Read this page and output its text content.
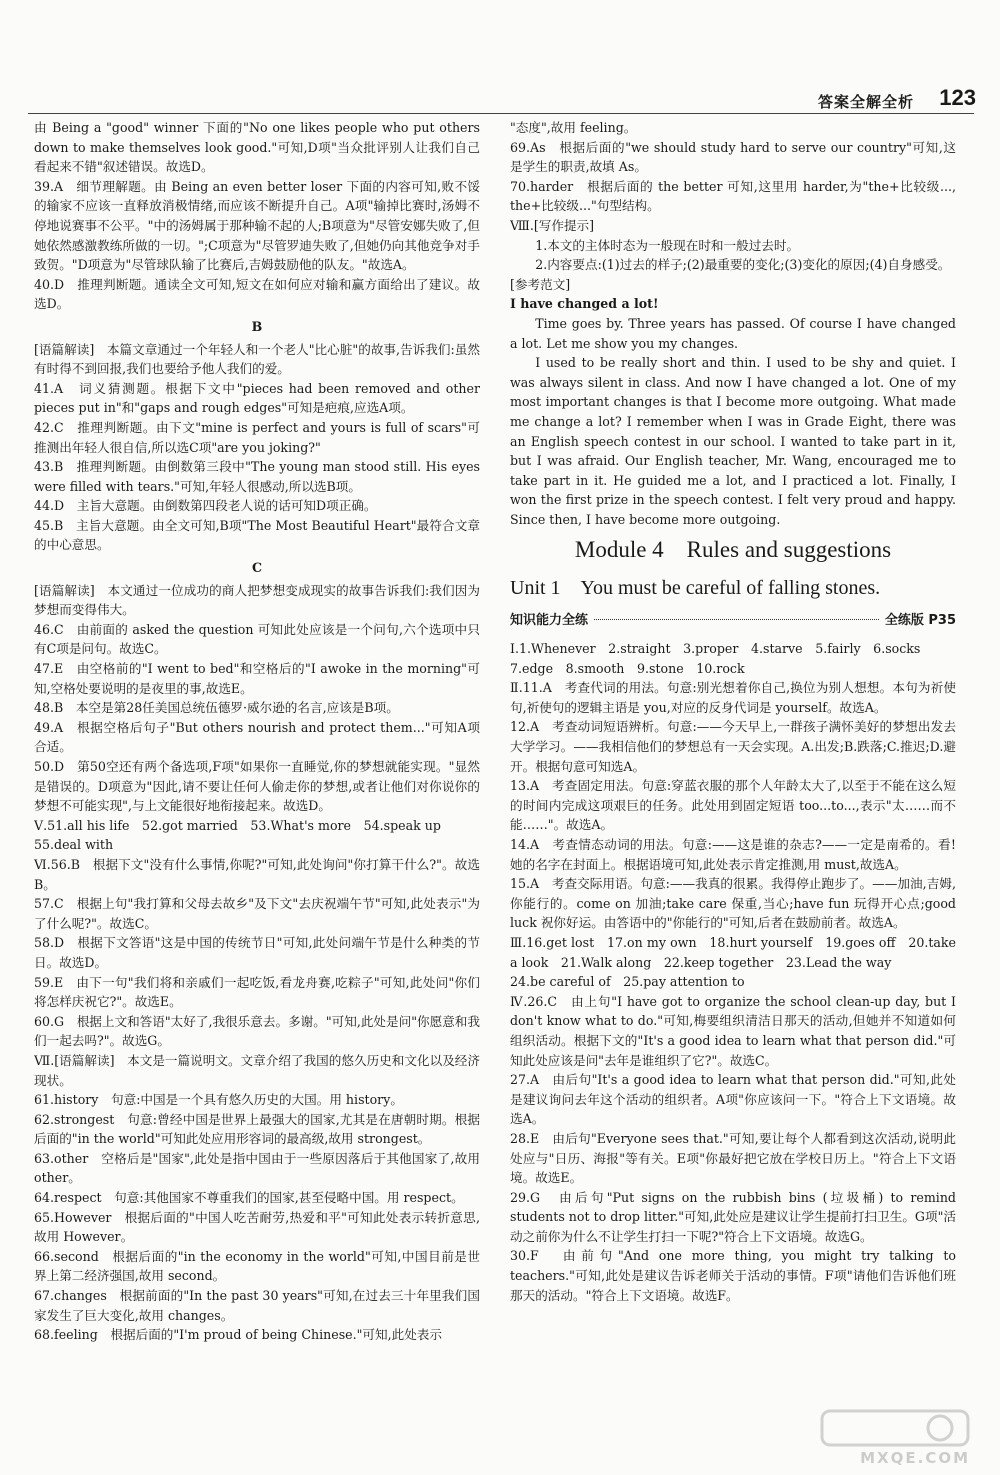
答案全解全析 123

由 Being a "good" winner 下面的"No one likes people who put others down to make themselves look good."可知,D项"当众批评别人让我们自己看起来不错"叙述错误。故选D。

39.A　细节理解题。由 Being an even better loser 下面的内容可知,败不馁的输家不应该一直释放消极情绪,而应该不断提升自己。A项"输掉比赛时,汤姆不停地说赛事不公平。"中的汤姆属于那种输不起的人;B项意为"尽管安娜失败了,但她依然感激教练所做的一切。";C项意为"尽管罗迪失败了,但她仍向其他竞争对手致贺。"D项意为"尽管球队输了比赛后,吉姆鼓励他的队友。"故选A。

40.D　推理判断题。通读全文可知,短文在如何应对输和赢方面给出了建议。故选D。

B

[语篇解读]　本篇文章通过一个年轻人和一个老人"比心脏"的故事,告诉我们:虽然有时得不到回报,我们也要给予他人我们的爱。

41.A　词义猜测题。根据下文中"pieces had been removed and other pieces put in"和"gaps and rough edges"可知是疤痕,应选A项。

42.C　推理判断题。由下文"mine is perfect and yours is full of scars"可推测出年轻人很自信,所以选C项"are you joking?"

43.B　推理判断题。由倒数第三段中"The young man stood still. His eyes were filled with tears."可知,年轻人很感动,所以选B项。

44.D　主旨大意题。由倒数第四段老人说的话可知D项正确。

45.B　主旨大意题。由全文可知,B项"The Most Beautiful Heart"最符合文章的中心意思。

C

[语篇解读]　本文通过一位成功的商人把梦想变成现实的故事告诉我们:我们因为梦想而变得伟大。

46.C　由前面的 asked the question 可知此处应该是一个问句,六个选项中只有C项是问句。故选C。

47.E　由空格前的"I went to bed"和空格后的"I awoke in the morning"可知,空格处要说明的是夜里的事,故选E。

48.B　本空是第28任美国总统伍德罗·威尔逊的名言,应该是B项。

49.A　根据空格后句子"But others nourish and protect them..."可知A项合适。

50.D　第50空还有两个备选项,F项"如果你一直睡觉,你的梦想就能实现。"显然是错误的。D项意为"因此,请不要让任何人偷走你的梦想,或者让他们对你说你的梦想不可能实现",与上文能很好地衔接起来。故选D。

Ⅴ.51.all his life　52.got married　53.What's more　54.speak up

55.deal with

Ⅵ.56.B　根据下文"没有什么事情,你呢?"可知,此处询问"你打算干什么?"。故选B。

57.C　根据上句"我打算和父母去故乡"及下文"去庆祝端午节"可知,此处表示"为了什么呢?"。故选C。

58.D　根据下文答语"这是中国的传统节日"可知,此处问端午节是什么种类的节日。故选D。

59.E　由下一句"我们将和亲戚们一起吃饭,看龙舟赛,吃粽子"可知,此处问"你们将怎样庆祝它?"。故选E。

60.G　根据上文和答语"太好了,我很乐意去。多谢。"可知,此处是问"你愿意和我们一起去吗?"。故选G。

Ⅶ.[语篇解读]　本文是一篇说明文。文章介绍了我国的悠久历史和文化以及经济现状。

61.history　句意:中国是一个具有悠久历史的大国。用 history。

62.strongest　句意:曾经中国是世界上最强大的国家,尤其是在唐朝时期。根据后面的"in the world"可知此处应用形容词的最高级,故用 strongest。

63.other　空格后是"国家",此处是指中国由于一些原因落后于其他国家了,故用 other。

64.respect　句意:其他国家不尊重我们的国家,甚至侵略中国。用 respect。

65.However　根据后面的"中国人吃苦耐劳,热爱和平"可知此处表示转折意思,故用 However。

66.second　根据后面的"in the economy in the world"可知,中国目前是世界上第二经济强国,故用 second。

67.changes　根据前面的"In the past 30 years"可知,在过去三十年里我们国家发生了巨大变化,故用 changes。

68.feeling　根据后面的"I'm proud of being Chinese."可知,此处表示

"态度",故用 feeling。

69.As　根据后面的"we should study hard to serve our country"可知,这是学生的职责,故填 As。

70.harder　根据后面的 the better 可知,这里用 harder,为"the+比较级..., the+比较级..."句型结构。

Ⅷ.[写作提示]

1.本文的主体时态为一般现在时和一般过去时。

2.内容要点:(1)过去的样子;(2)最重要的变化;(3)变化的原因;(4)自身感受。

[参考范文]

I have changed a lot!

Time goes by. Three years has passed. Of course I have changed a lot. Let me show you my changes.

I used to be really short and thin. I used to be shy and quiet. I was always silent in class. And now I have changed a lot. One of my most important changes is that I become more outgoing. What made me change a lot? I remember when I was in Grade Eight, there was an English speech contest in our school. I wanted to take part in it, but I was afraid. Our English teacher, Mr. Wang, encouraged me to take part in it. He guided me a lot, and I practiced a lot. Finally, I won the first prize in the speech contest. I felt very proud and happy. Since then, I have become more outgoing.

Module 4　Rules and suggestions
Unit 1　You must be careful of falling stones.
知识能力全练	全练版 P35

Ⅰ.1.Whenever　2.straight　3.proper　4.starve　5.fairly　6.socks

7.edge　8.smooth　9.stone　10.rock

Ⅱ.11.A　考查代词的用法。句意:别光想着你自己,换位为别人想想。本句为祈使句,祈使句的逻辑主语是 you,对应的反身代词是 yourself。故选A。

12.A　考查动词短语辨析。句意:——今天早上,一群孩子满怀美好的梦想出发去大学学习。——我相信他们的梦想总有一天会实现。A.出发;B.跌落;C.推迟;D.避开。根据句意可知选A。

13.A　考查固定用法。句意:穿蓝衣服的那个人年龄太大了,以至于不能在这么短的时间内完成这项艰巨的任务。此处用到固定短语 too...to...,表示"太……而不能……"。故选A。

14.A　考查情态动词的用法。句意:——这是谁的杂志?——一定是南希的。看!她的名字在封面上。根据语境可知,此处表示肯定推测,用 must,故选A。

15.A　考查交际用语。句意:——我真的很累。我得停止跑步了。——加油,吉姆,你能行的。come on 加油;take care 保重,当心;have fun 玩得开心点;good luck 祝你好运。由答语中的"你能行的"可知,后者在鼓励前者。故选A。

Ⅲ.16.get lost　17.on my own　18.hurt yourself　19.goes off　20.take a look　21.Walk along　22.keep together　23.Lead the way

24.be careful of　25.pay attention to

Ⅳ.26.C　由上句"I have got to organize the school clean-up day, but I don't know what to do."可知,梅要组织清洁日那天的活动,但她并不知道如何组织活动。根据下文的"It's a good idea to learn what that person did."可知此处应该是问"去年是谁组织了它?"。故选C。

27.A　由后句"It's a good idea to learn what that person did."可知,此处是建议询问去年这个活动的组织者。A项"你应该问一下。"符合上下文语境。故选A。

28.E　由后句"Everyone sees that."可知,要让每个人都看到这次活动,说明此处应与"日历、海报"等有关。E项"你最好把它放在学校日历上。"符合上下文语境。故选E。

29.G　由后句"Put signs on the rubbish bins (垃圾桶) to remind students not to drop litter."可知,此处应是建议让学生提前打扫卫生。G项"活动之前你为什么不让学生打扫一下呢?"符合上下文语境。故选G。

30.F　由前句"And one more thing, you might try talking to teachers."可知,此处是建议告诉老师关于活动的事情。F项"请他们告诉他们班那天的活动。"符合上下文语境。故选F。

MXQE.COM
